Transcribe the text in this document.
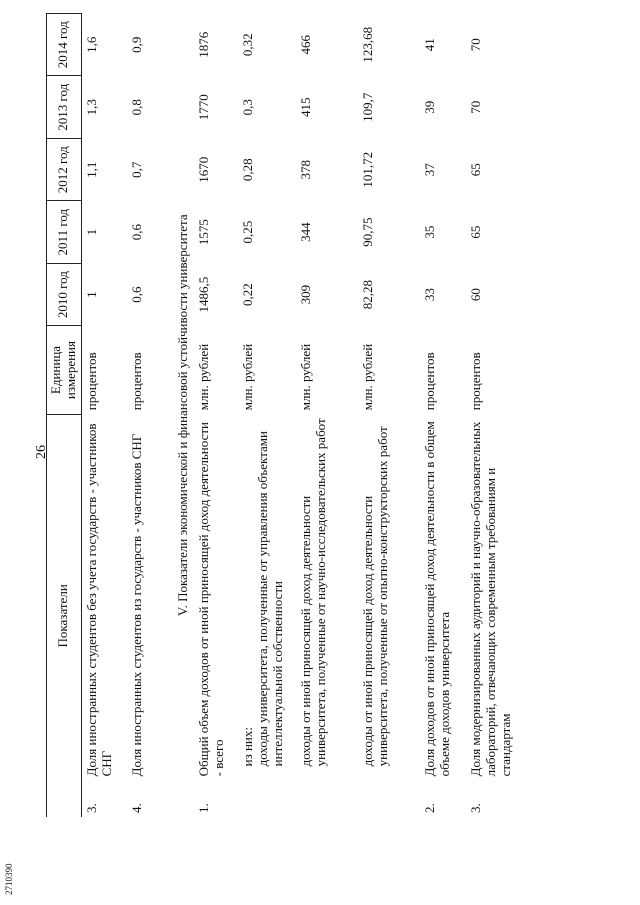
26
Показатели		Единица измерения	2010 год	2011 год	2012 год	2013 год	2014 год
3.	Доля иностранных студентов без учета государств - участников СНГ	процентов	1	1	1,1	1,3	1,6
4.	Доля иностранных студентов из государств - участников СНГ	процентов	0,6	0,6	0,7	0,8	0,9
V. Показатели экономической и финансовой устойчивости университета							
1.	Общий объем доходов от иной приносящей доход деятельности - всего	млн. рублей	1486,5	1575	1670	1770	1876

	из них: доходы университета, полученные от управления объектами интеллектуальной собственности	млн. рублей	0,22	0,25	0,28	0,3	0,32
	доходы от иной приносящей доход деятельности университета, полученные от научно-исследовательских работ	млн. рублей	309	344	378	415	466
	доходы от иной приносящей доход деятельности университета, полученные от опытно-конструкторских работ	млн. рублей	82,28	90,75	101,72	109,7	123,68
2.	Доля доходов от иной приносящей доход деятельности в общем объеме доходов университета	процентов	33	35	37	39	41
3.	Доля модернизированных аудиторий и научно-образовательных лабораторий, отвечающих современным требованиям и стандартам	процентов	60	65	65	70	70
2710390
